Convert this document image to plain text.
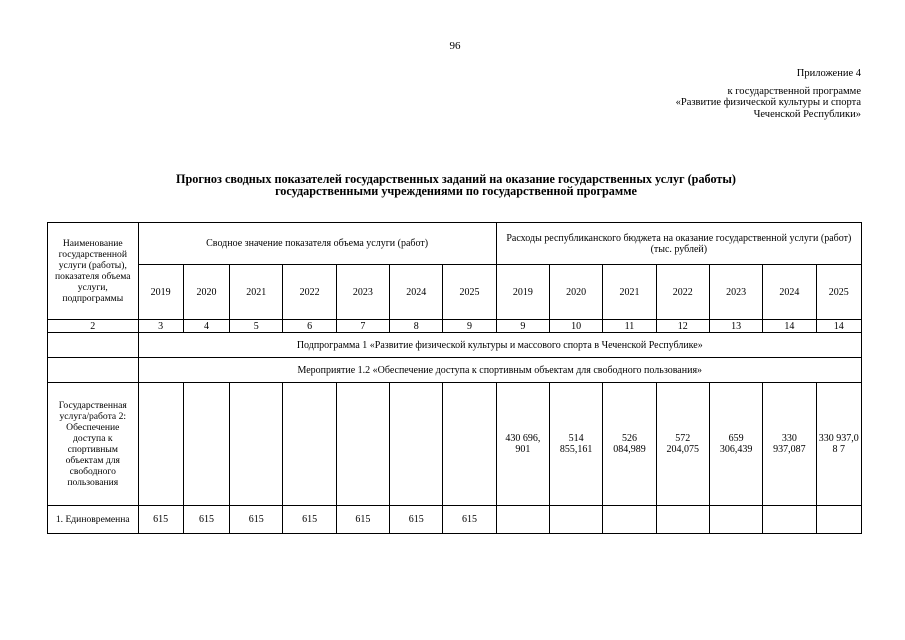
96
Приложение 4
к государственной программе
«Развитие физической культуры и спорта
Чеченской Республики»
Прогноз сводных показателей государственных заданий на оказание государственных услуг (работы)
государственными учреждениями по государственной программе
Наименование государственной услуги (работы), показателя объема услуги, подпрограммы	Сводное значение показателя объема услуги (работ)							Расходы республиканского бюджета на оказание государственной услуги (работ) (тыс. рублей)						
	2019	2020	2021	2022	2023	2024	2025	2019	2020	2021	2022	2023	2024	2025
2	3	4	5	6	7	8	9	9	10	11	12	13	14	14
	Подпрограмма 1 «Развитие физической культуры и массового спорта в Чеченской Республике»													
	Мероприятие 1.2 «Обеспечение доступа к спортивным объектам для свободного пользования»													
Государственная услуга/работа 2: Обеспечение доступа к спортивным объектам для свободного пользования								430 696, 901	514 855,161	526 084,989	572 204,075	659 306,439	330 937,087	330 937,08 7
1. Единовременна	615	615	615	615	615	615	615							
